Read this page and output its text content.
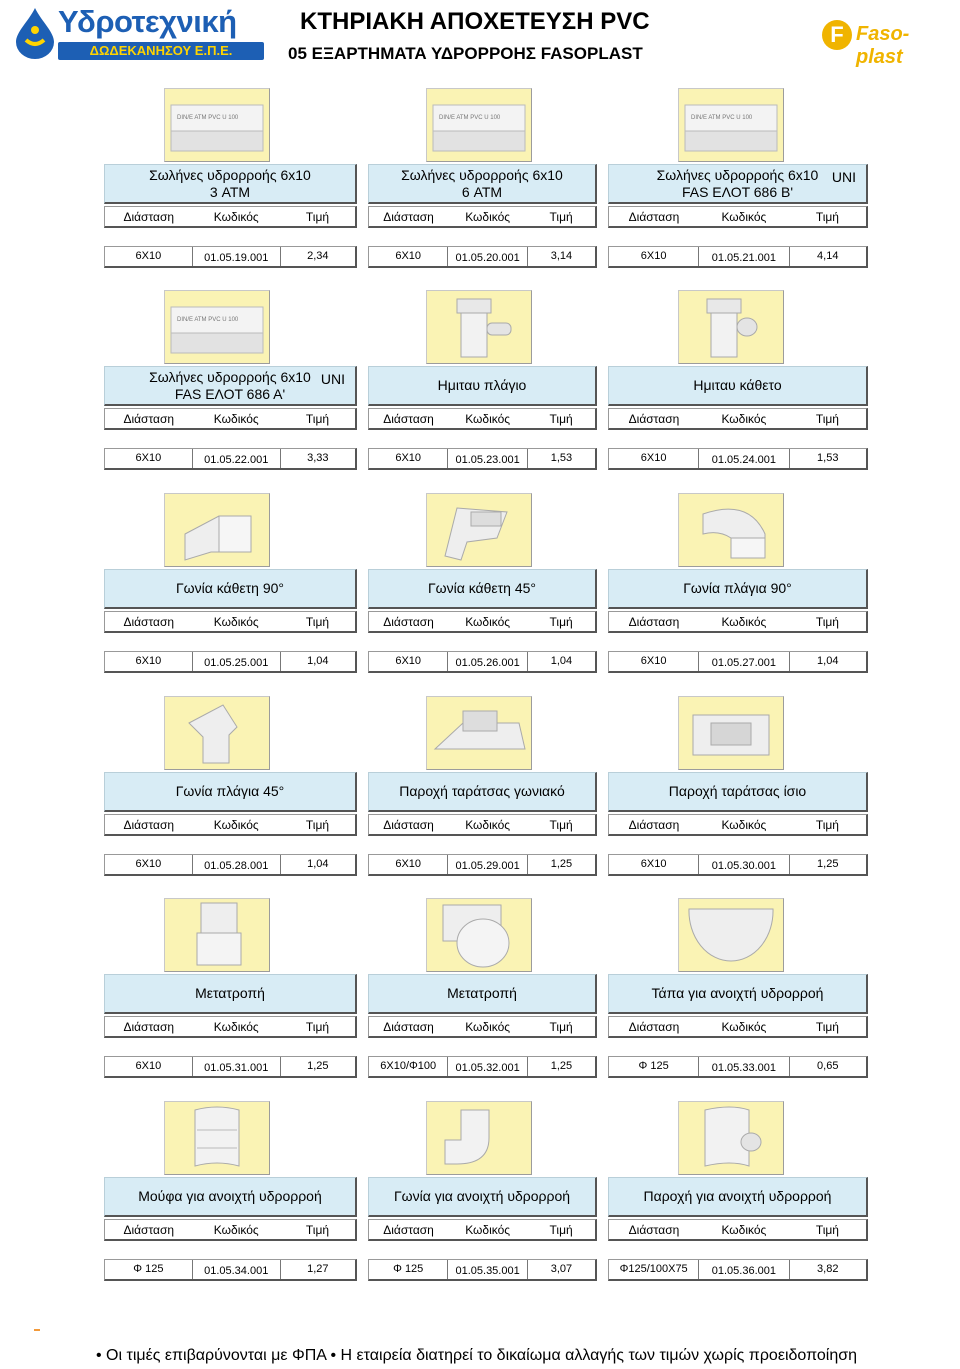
Υδροτεχνική
ΔΩΔΕΚΑΝΗΣΟΥ Ε.Π.Ε.
ΚΤΗΡΙΑΚΗ ΑΠΟΧΕΤΕΥΣΗ PVC
05 ΕΞΑΡΤΗΜΑΤΑ ΥΔΡΟΡΡΟΗΣ FASOPLAST
F Faso-plast
DIN/E ATM PVC U 100
Σωλήνες υδρορροής 6x10
3 ΑΤΜ
Διάσταση	Κωδικός	Τιμή
6X10	01.05.19.001	2,34
DIN/E ATM PVC U 100
Σωλήνες υδρορροής 6x10
6 ΑΤΜ
Διάσταση	Κωδικός	Τιμή
6X10	01.05.20.001	3,14
DIN/E ATM PVC U 100
Σωλήνες υδρορροής 6x10
FAS ΕΛΟΤ 686 Β'
UNI
Διάσταση	Κωδικός	Τιμή
6X10	01.05.21.001	4,14
DIN/E ATM PVC U 100
Σωλήνες υδρορροής 6x10
FAS ΕΛΟΤ 686 Α'
UNI
Διάσταση	Κωδικός	Τιμή
6X10	01.05.22.001	3,33
Ημιταυ πλάγιο
Διάσταση	Κωδικός	Τιμή
6X10	01.05.23.001	1,53
Ημιταυ κάθετο
Διάσταση	Κωδικός	Τιμή
6X10	01.05.24.001	1,53
Γωνία κάθετη 90°
Διάσταση	Κωδικός	Τιμή
6X10	01.05.25.001	1,04
Γωνία κάθετη 45°
Διάσταση	Κωδικός	Τιμή
6X10	01.05.26.001	1,04
Γωνία πλάγια 90°
Διάσταση	Κωδικός	Τιμή
6X10	01.05.27.001	1,04
Γωνία πλάγια 45°
Διάσταση	Κωδικός	Τιμή
6X10	01.05.28.001	1,04
Παροχή ταράτσας γωνιακό
Διάσταση	Κωδικός	Τιμή
6X10	01.05.29.001	1,25
Παροχή ταράτσας ίσιο
Διάσταση	Κωδικός	Τιμή
6X10	01.05.30.001	1,25
Μετατροπή
Διάσταση	Κωδικός	Τιμή
6X10	01.05.31.001	1,25
Μετατροπή
Διάσταση	Κωδικός	Τιμή
6X10/Φ100	01.05.32.001	1,25
Τάπα για ανοιχτή υδρορροή
Διάσταση	Κωδικός	Τιμή
Φ 125	01.05.33.001	0,65
Μούφα για ανοιχτή υδρορροή
Διάσταση	Κωδικός	Τιμή
Φ 125	01.05.34.001	1,27
Γωνία για ανοιχτή υδρορροή
Διάσταση	Κωδικός	Τιμή
Φ 125	01.05.35.001	3,07
Παροχή για ανοιχτή υδρορροή
Διάσταση	Κωδικός	Τιμή
Φ125/100X75	01.05.36.001	3,82
• Οι τιμές επιβαρύνονται με ΦΠΑ • Η εταιρεία διατηρεί το δικαίωμα αλλαγής των τιμών χωρίς προειδοποίηση
